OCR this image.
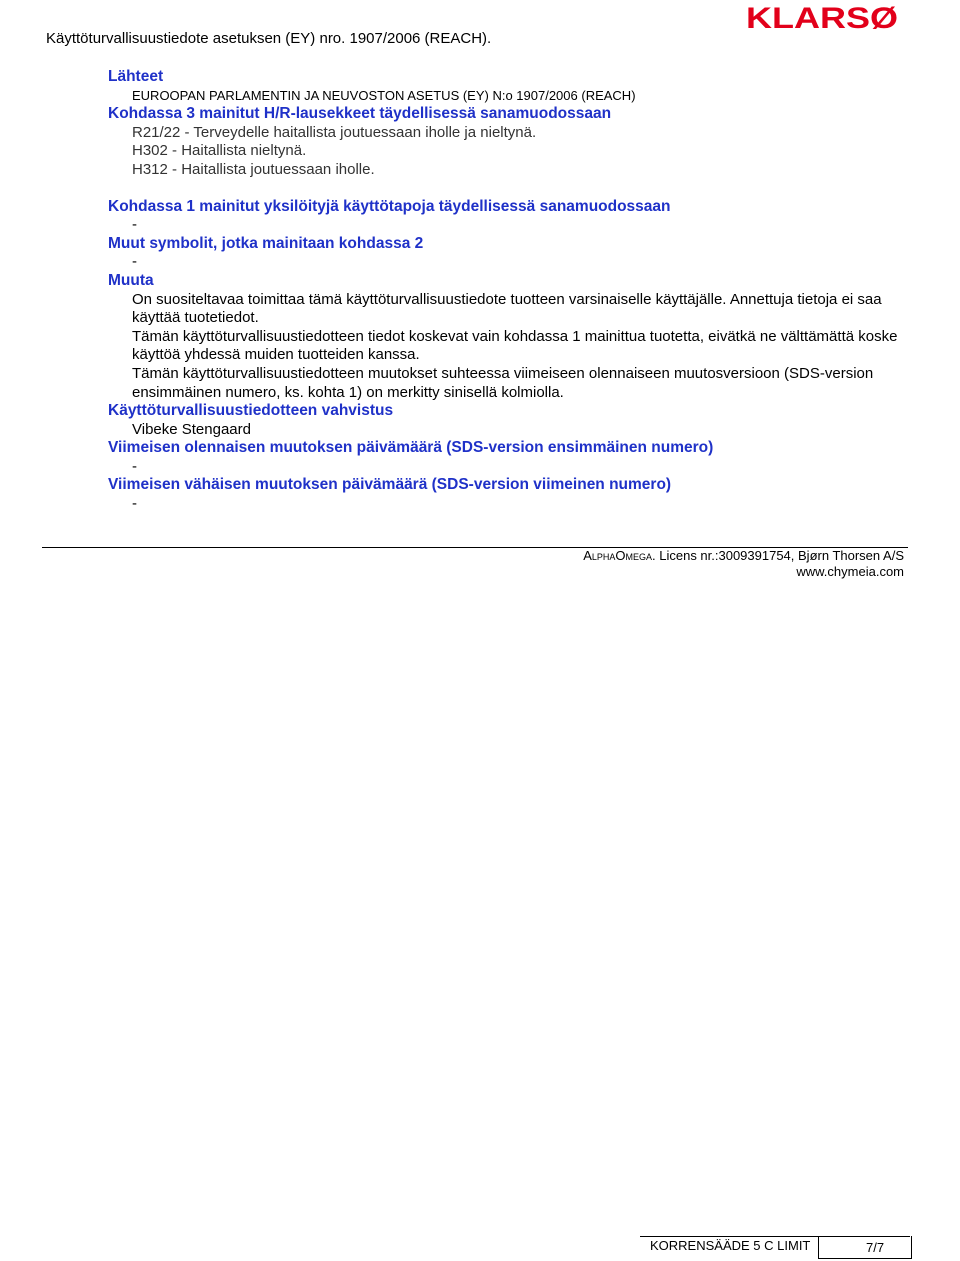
Käyttöturvallisuustiedote asetuksen (EY) nro. 1907/2006 (REACH).
KLARSØ

Lähteet

EUROOPAN PARLAMENTIN JA NEUVOSTON ASETUS (EY) N:o 1907/2006 (REACH)

Kohdassa 3 mainitut H/R-lausekkeet täydellisessä sanamuodossaan

R21/22 - Terveydelle haitallista joutuessaan iholle ja nieltynä.

H302 - Haitallista nieltynä.

H312 - Haitallista joutuessaan iholle.

Kohdassa 1 mainitut yksilöityjä käyttötapoja täydellisessä sanamuodossaan

-

Muut symbolit, jotka mainitaan kohdassa 2

-

Muuta

On suositeltavaa toimittaa tämä käyttöturvallisuustiedote tuotteen varsinaiselle käyttäjälle. Annettuja tietoja ei saa käyttää tuotetiedot.

Tämän käyttöturvallisuustiedotteen tiedot koskevat vain kohdassa 1 mainittua tuotetta, eivätkä ne välttämättä koske käyttöä yhdessä muiden tuotteiden kanssa.

Tämän käyttöturvallisuustiedotteen muutokset suhteessa viimeiseen olennaiseen muutosversioon (SDS-version ensimmäinen numero, ks. kohta 1) on merkitty sinisellä kolmiolla.

Käyttöturvallisuustiedotteen vahvistus

Vibeke Stengaard

Viimeisen olennaisen muutoksen päivämäärä (SDS-version ensimmäinen numero)

-

Viimeisen vähäisen muutoksen päivämäärä (SDS-version viimeinen numero)

-

AlphaOmega. Licens nr.:3009391754, Bjørn Thorsen A/S
www.chymeia.com
KORRENSÄÄDE 5 C LIMIT	7/7
